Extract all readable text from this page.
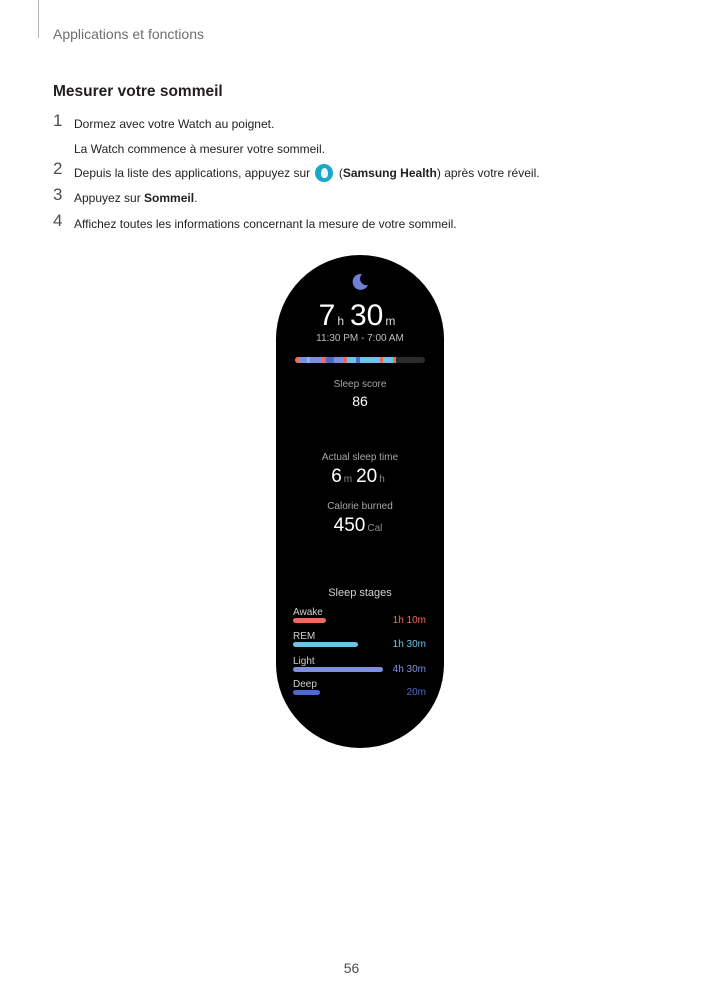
Applications et fonctions
Mesurer votre sommeil
1 Dormez avec votre Watch au poignet.

La Watch commence à mesurer votre sommeil.

2 Depuis la liste des applications, appuyez sur  (Samsung Health) après votre réveil.

3 Appuyez sur Sommeil.

4 Affichez toutes les informations concernant la mesure de votre sommeil.

7 h 30 m
11:30 PM - 7:00 AM
Sleep score
86
Actual sleep time
6 m 20 h
Calorie burned
450 Cal
Sleep stages
Awake
1h 10m
REM
1h 30m
Light
4h 30m
Deep
20m
56
